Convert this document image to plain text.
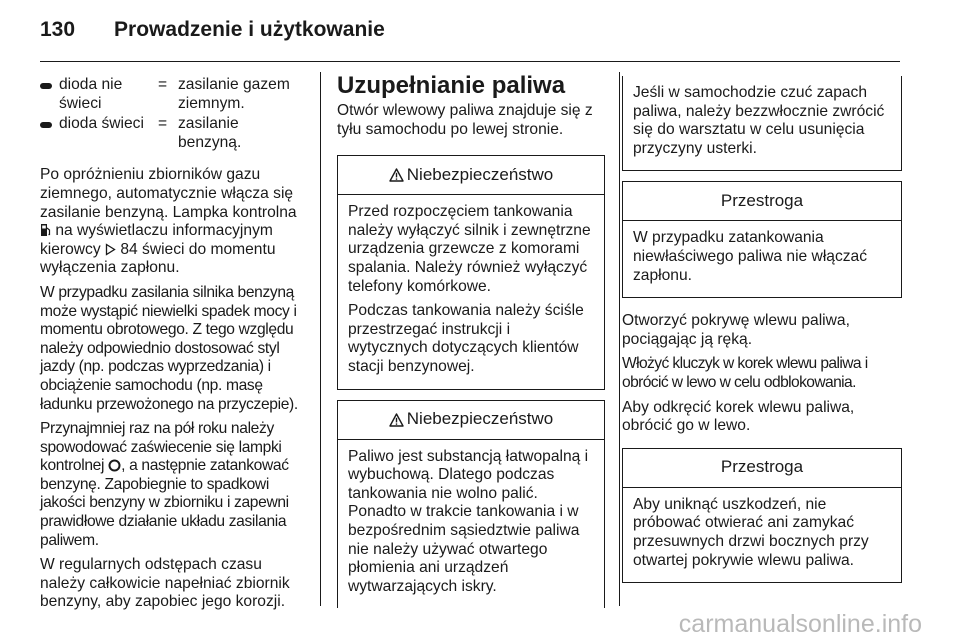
130 Prowadzenie i użytkowanie
dioda nie świeci
= zasilanie gazem ziemnym.
dioda świeci = zasilanie benzyną.

Po opróżnieniu zbiorników gazu ziemnego, automatycznie włącza się zasilanie benzyną. Lampka kontrolna  na wyświetlaczu informacyjnym kierowcy 84 świeci do momentu wyłączenia zapłonu.

W przypadku zasilania silnika benzyną może wystąpić niewielki spadek mocy i momentu obrotowego. Z tego względu należy odpowiednio dostosować styl jazdy (np. podczas wyprzedzania) i obciążenie samochodu (np. masę ładunku przewożonego na przyczepie).

Przynajmniej raz na pół roku należy spowodować zaświecenie się lampki kontrolnej , a następnie zatankować benzynę. Zapobiegnie to spadkowi jakości benzyny w zbiorniku i zapewni prawidłowe działanie układu zasilania paliwem.

W regularnych odstępach czasu należy całkowicie napełniać zbiornik benzyny, aby zapobiec jego korozji.

Uzupełnianie paliwa

Otwór wlewowy paliwa znajduje się z tyłu samochodu po lewej stronie.

Niebezpieczeństwo

Przed rozpoczęciem tankowania należy wyłączyć silnik i zewnętrzne urządzenia grzewcze z komorami spalania. Należy również wyłączyć telefony komórkowe.

Podczas tankowania należy ściśle przestrzegać instrukcji i wytycznych dotyczących klientów stacji benzynowej.

Niebezpieczeństwo

Paliwo jest substancją łatwopalną i wybuchową. Dlatego podczas tankowania nie wolno palić. Ponadto w trakcie tankowania i w bezpośrednim sąsiedztwie paliwa nie należy używać otwartego płomienia ani urządzeń wytwarzających iskry.

Jeśli w samochodzie czuć zapach paliwa, należy bezzwłocznie zwrócić się do warsztatu w celu usunięcia przyczyny usterki.

Przestroga

W przypadku zatankowania niewłaściwego paliwa nie włączać zapłonu.

Otworzyć pokrywę wlewu paliwa, pociągając ją ręką.

Włożyć kluczyk w korek wlewu paliwa i obrócić w lewo w celu odblokowania.

Aby odkręcić korek wlewu paliwa, obrócić go w lewo.

Przestroga

Aby uniknąć uszkodzeń, nie próbować otwierać ani zamykać przesuwnych drzwi bocznych przy otwartej pokrywie wlewu paliwa.

carmanualsonline.info
